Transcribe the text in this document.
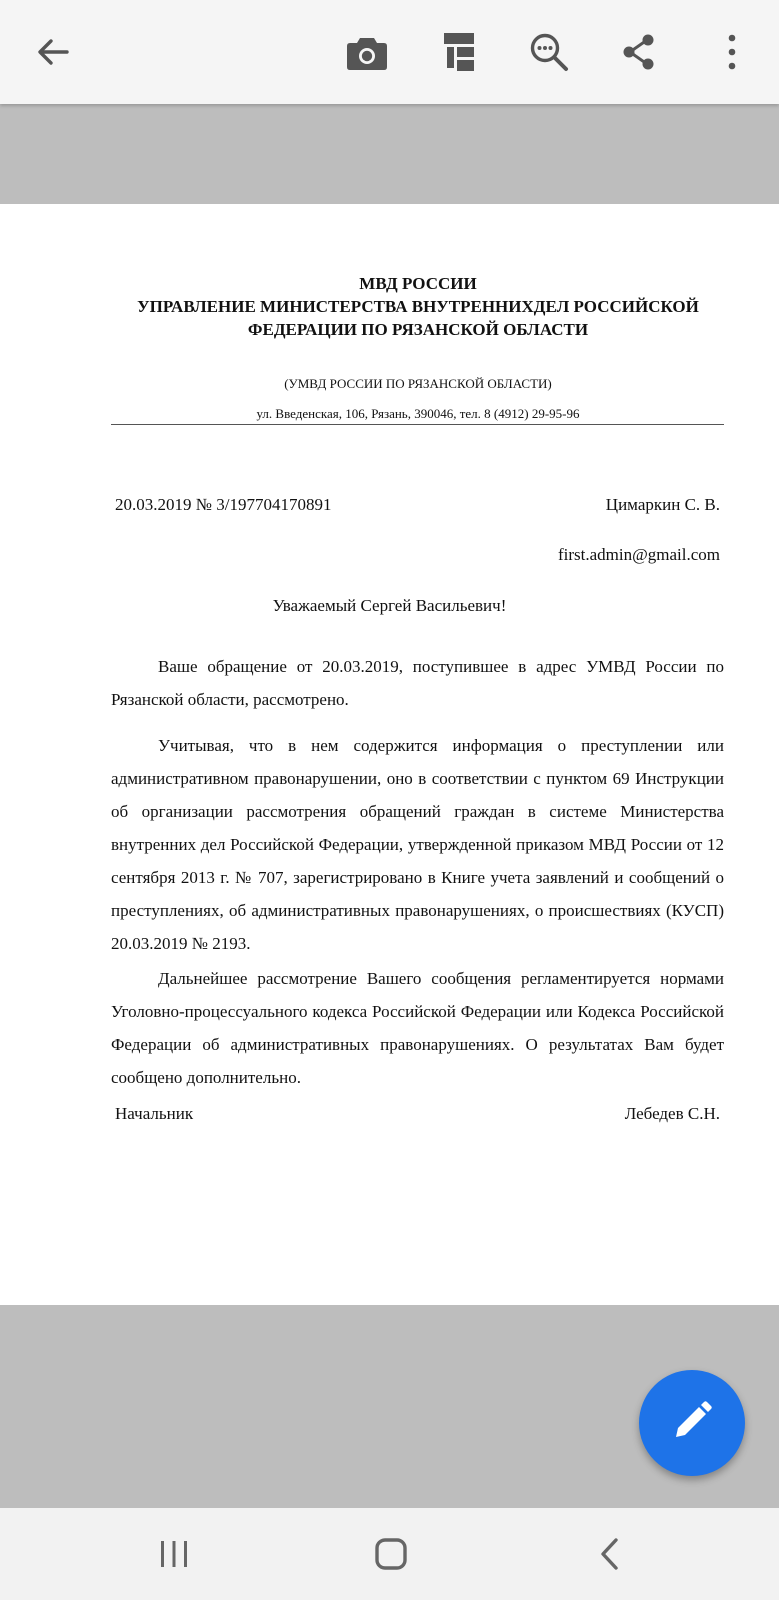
МВД РОССИИ
УПРАВЛЕНИЕ МИНИСТЕРСТВА ВНУТРЕННИХДЕЛ РОССИЙСКОЙ
ФЕДЕРАЦИИ ПО РЯЗАНСКОЙ ОБЛАСТИ
(УМВД РОССИИ ПО РЯЗАНСКОЙ ОБЛАСТИ)
ул. Введенская, 106, Рязань, 390046, тел. 8 (4912) 29-95-96
20.03.2019 № 3/197704170891	Цимаркин С. В.
first.admin@gmail.com
Уважаемый Сергей Васильевич!

Ваше обращение от 20.03.2019, поступившее в адрес УМВД России по Рязанской области, рассмотрено.

Учитывая, что в нем содержится информация о преступлении или административном правонарушении, оно в соответствии с пунктом 69 Инструкции об организации рассмотрения обращений граждан в системе Министерства внутренних дел Российской Федерации, утвержденной приказом МВД России от 12 сентября 2013 г. № 707, зарегистрировано в Книге учета заявлений и сообщений о преступлениях, об административных правонарушениях, о происшествиях (КУСП) 20.03.2019 № 2193.

Дальнейшее рассмотрение Вашего сообщения регламентируется нормами Уголовно-процессуального кодекса Российской Федерации или Кодекса Российской Федерации об административных правонарушениях. О результатах Вам будет сообщено дополнительно.

Начальник	Лебедев С.Н.
